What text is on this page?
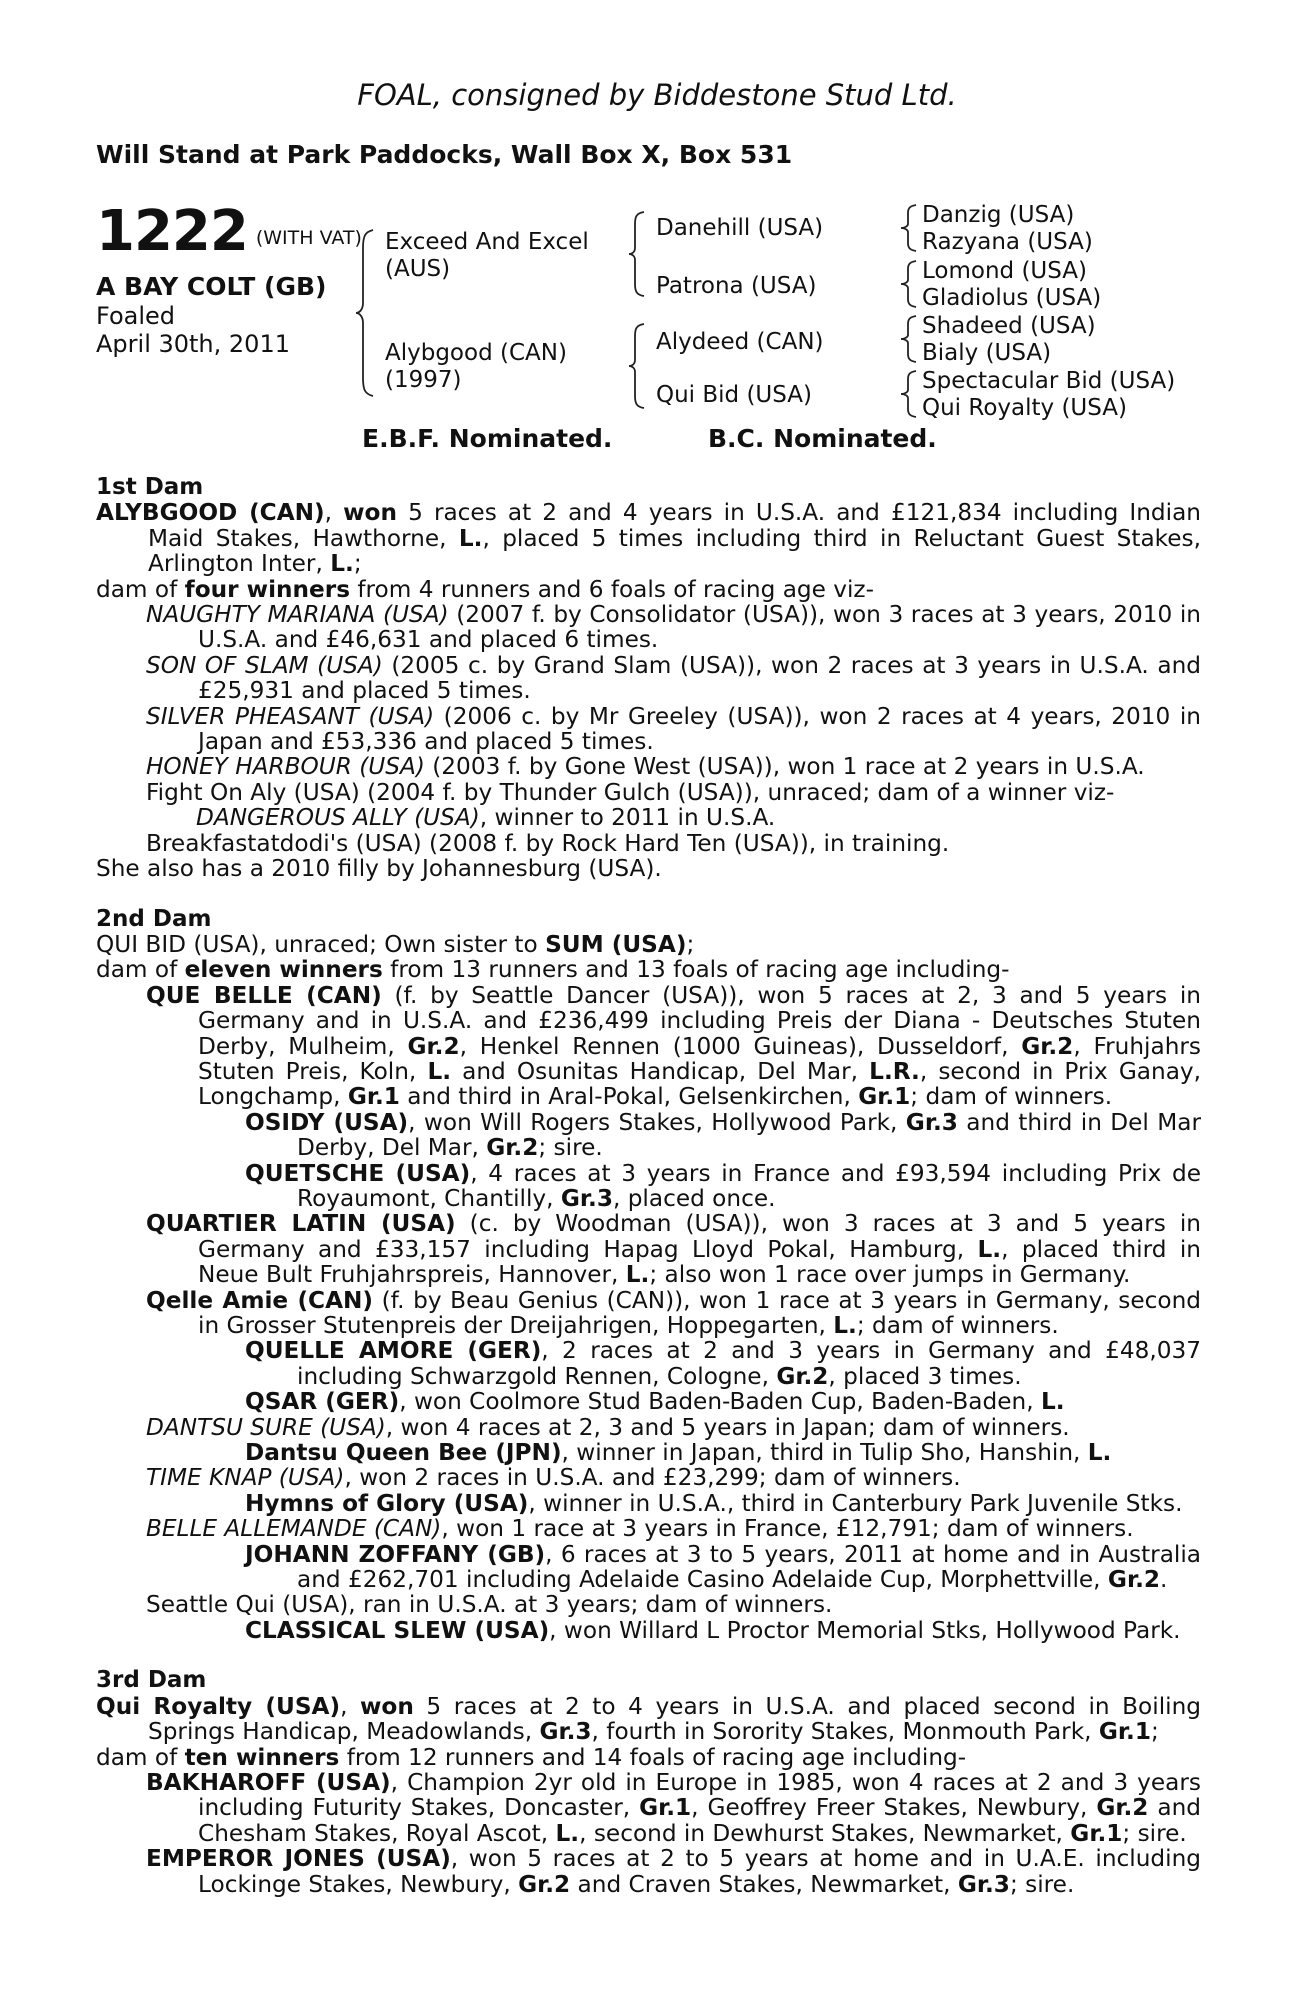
FOAL, consigned by Biddestone Stud Ltd.
Will Stand at Park Paddocks, Wall Box X, Box 531
1222 (WITH VAT)
A BAY COLT (GB)
Foaled
April 30th, 2011
Exceed And Excel
(AUS)
Alybgood (CAN)
(1997)
Danehill (USA)
Patrona (USA)
Alydeed (CAN)
Qui Bid (USA)
Danzig (USA)
Razyana (USA)
Lomond (USA)
Gladiolus (USA)
Shadeed (USA)
Bialy (USA)
Spectacular Bid (USA)
Qui Royalty (USA)
E.B.F. Nominated.	B.C. Nominated.

1st Dam

ALYBGOOD (CAN), won 5 races at 2 and 4 years in U.S.A. and £121,834 including Indian Maid Stakes, Hawthorne, L., placed 5 times including third in Reluctant Guest Stakes, Arlington Inter, L.;

dam of four winners from 4 runners and 6 foals of racing age viz-

NAUGHTY MARIANA (USA) (2007 f. by Consolidator (USA)), won 3 races at 3 years, 2010 in U.S.A. and £46,631 and placed 6 times.

SON OF SLAM (USA) (2005 c. by Grand Slam (USA)), won 2 races at 3 years in U.S.A. and £25,931 and placed 5 times.

SILVER PHEASANT (USA) (2006 c. by Mr Greeley (USA)), won 2 races at 4 years, 2010 in Japan and £53,336 and placed 5 times.

HONEY HARBOUR (USA) (2003 f. by Gone West (USA)), won 1 race at 2 years in U.S.A.

Fight On Aly (USA) (2004 f. by Thunder Gulch (USA)), unraced; dam of a winner viz-

DANGEROUS ALLY (USA), winner to 2011 in U.S.A.

Breakfastatdodi's (USA) (2008 f. by Rock Hard Ten (USA)), in training.

She also has a 2010 filly by Johannesburg (USA).

2nd Dam

QUI BID (USA), unraced; Own sister to SUM (USA);

dam of eleven winners from 13 runners and 13 foals of racing age including-

QUE BELLE (CAN) (f. by Seattle Dancer (USA)), won 5 races at 2, 3 and 5 years in Germany and in U.S.A. and £236,499 including Preis der Diana - Deutsches Stuten Derby, Mulheim, Gr.2, Henkel Rennen (1000 Guineas), Dusseldorf, Gr.2, Fruhjahrs Stuten Preis, Koln, L. and Osunitas Handicap, Del Mar, L.R., second in Prix Ganay, Longchamp, Gr.1 and third in Aral-Pokal, Gelsenkirchen, Gr.1; dam of winners.

OSIDY (USA), won Will Rogers Stakes, Hollywood Park, Gr.3 and third in Del Mar Derby, Del Mar, Gr.2; sire.

QUETSCHE (USA), 4 races at 3 years in France and £93,594 including Prix de Royaumont, Chantilly, Gr.3, placed once.

QUARTIER LATIN (USA) (c. by Woodman (USA)), won 3 races at 3 and 5 years in Germany and £33,157 including Hapag Lloyd Pokal, Hamburg, L., placed third in Neue Bult Fruhjahrspreis, Hannover, L.; also won 1 race over jumps in Germany.

Qelle Amie (CAN) (f. by Beau Genius (CAN)), won 1 race at 3 years in Germany, second in Grosser Stutenpreis der Dreijahrigen, Hoppegarten, L.; dam of winners.

QUELLE AMORE (GER), 2 races at 2 and 3 years in Germany and £48,037 including Schwarzgold Rennen, Cologne, Gr.2, placed 3 times.

QSAR (GER), won Coolmore Stud Baden-Baden Cup, Baden-Baden, L.

DANTSU SURE (USA), won 4 races at 2, 3 and 5 years in Japan; dam of winners.

Dantsu Queen Bee (JPN), winner in Japan, third in Tulip Sho, Hanshin, L.

TIME KNAP (USA), won 2 races in U.S.A. and £23,299; dam of winners.

Hymns of Glory (USA), winner in U.S.A., third in Canterbury Park Juvenile Stks.

BELLE ALLEMANDE (CAN), won 1 race at 3 years in France, £12,791; dam of winners.

JOHANN ZOFFANY (GB), 6 races at 3 to 5 years, 2011 at home and in Australia and £262,701 including Adelaide Casino Adelaide Cup, Morphettville, Gr.2.

Seattle Qui (USA), ran in U.S.A. at 3 years; dam of winners.

CLASSICAL SLEW (USA), won Willard L Proctor Memorial Stks, Hollywood Park.

3rd Dam

Qui Royalty (USA), won 5 races at 2 to 4 years in U.S.A. and placed second in Boiling Springs Handicap, Meadowlands, Gr.3, fourth in Sorority Stakes, Monmouth Park, Gr.1;

dam of ten winners from 12 runners and 14 foals of racing age including-

BAKHAROFF (USA), Champion 2yr old in Europe in 1985, won 4 races at 2 and 3 years including Futurity Stakes, Doncaster, Gr.1, Geoffrey Freer Stakes, Newbury, Gr.2 and Chesham Stakes, Royal Ascot, L., second in Dewhurst Stakes, Newmarket, Gr.1; sire.

EMPEROR JONES (USA), won 5 races at 2 to 5 years at home and in U.A.E. including Lockinge Stakes, Newbury, Gr.2 and Craven Stakes, Newmarket, Gr.3; sire.
